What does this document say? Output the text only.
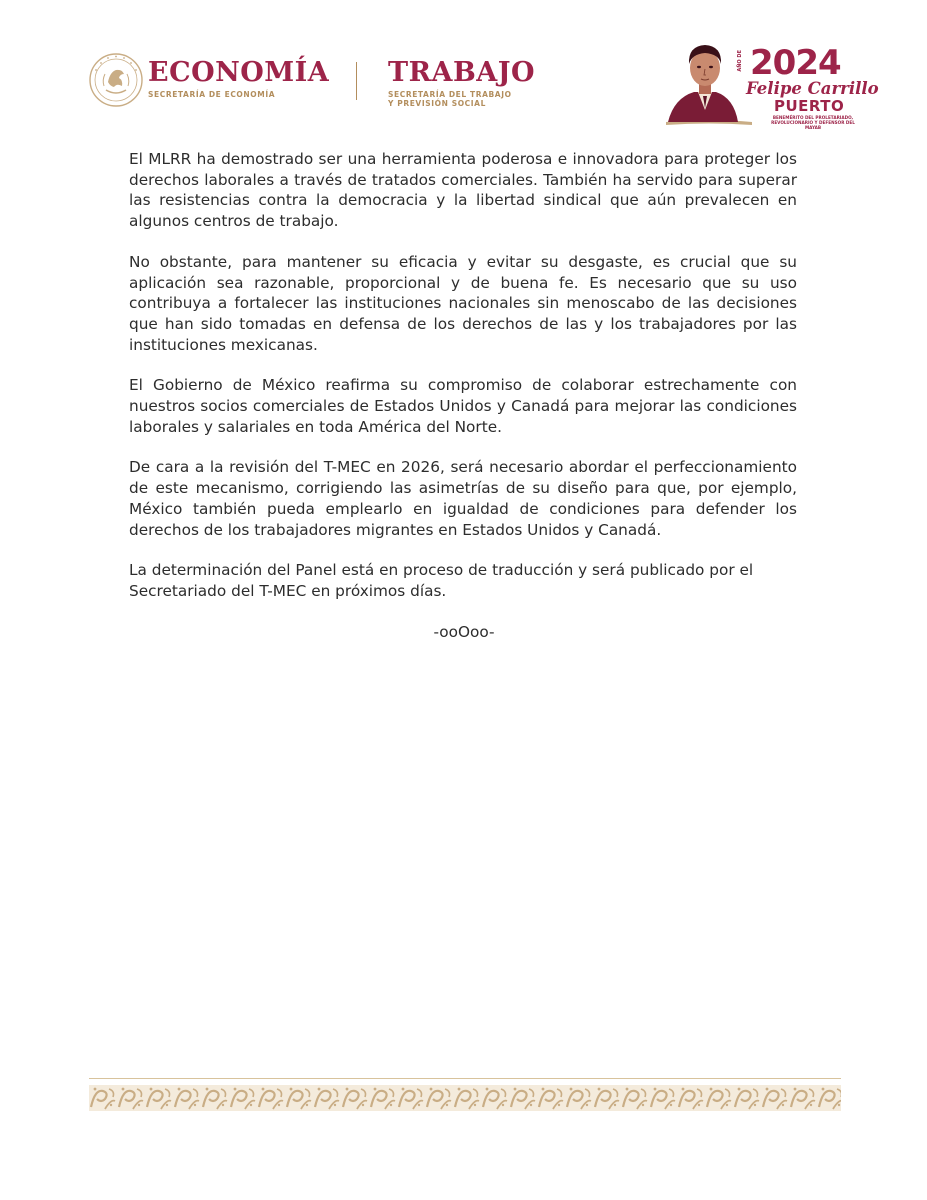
ECONOMÍA
SECRETARÍA DE ECONOMÍA
TRABAJO
SECRETARÍA DEL TRABAJO
Y PREVISIÓN SOCIAL
AÑO DE 2024
Felipe Carrillo
PUERTO
BENEMÉRITO DEL PROLETARIADO, REVOLUCIONARIO Y DEFENSOR DEL MAYAB

El MLRR ha demostrado ser una herramienta poderosa e innovadora para proteger los derechos laborales a través de tratados comerciales. También ha servido para superar las resistencias contra la democracia y la libertad sindical que aún prevalecen en algunos centros de trabajo.

No obstante, para mantener su eficacia y evitar su desgaste, es crucial que su aplicación sea razonable, proporcional y de buena fe. Es necesario que su uso contribuya a fortalecer las instituciones nacionales sin menoscabo de las decisiones que han sido tomadas en defensa de los derechos de las y los trabajadores por las instituciones mexicanas.

El Gobierno de México reafirma su compromiso de colaborar estrechamente con nuestros socios comerciales de Estados Unidos y Canadá para mejorar las condiciones laborales y salariales en toda América del Norte.

De cara a la revisión del T-MEC en 2026, será necesario abordar el perfeccionamiento de este mecanismo, corrigiendo las asimetrías de su diseño para que, por ejemplo, México también pueda emplearlo en igualdad de condiciones para defender los derechos de los trabajadores migrantes en Estados Unidos y Canadá.

La determinación del Panel está en proceso de traducción y será publicado por el Secretariado del T-MEC en próximos días.

-ooOoo-
